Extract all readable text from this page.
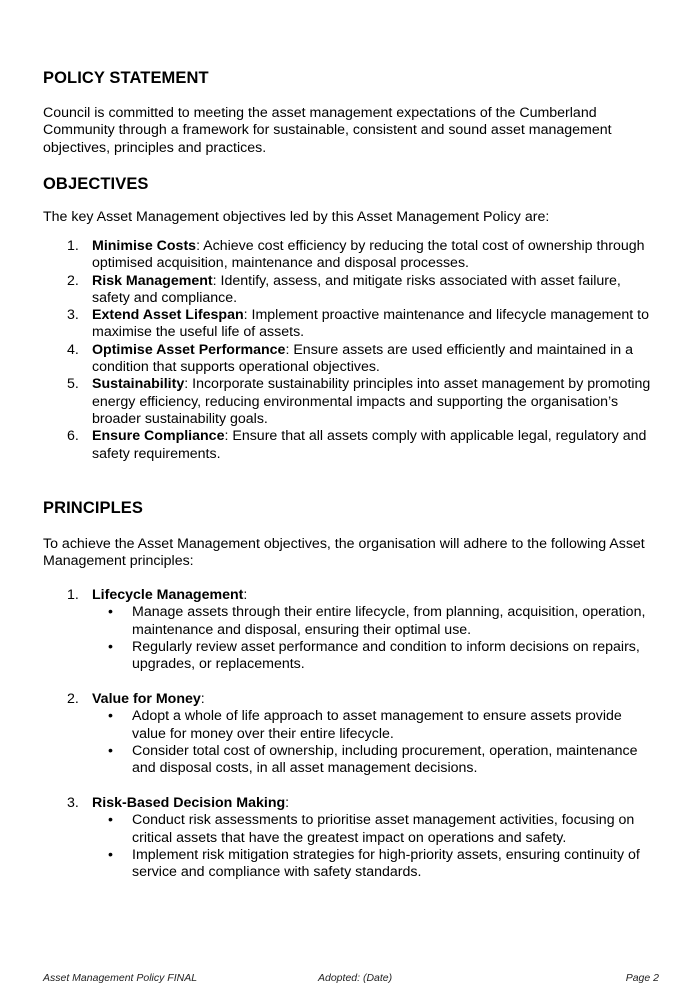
POLICY STATEMENT

Council is committed to meeting the asset management expectations of the Cumberland Community through a framework for sustainable, consistent and sound asset management objectives, principles and practices.

OBJECTIVES

The key Asset Management objectives led by this Asset Management Policy are:

1. Minimise Costs: Achieve cost efficiency by reducing the total cost of ownership through optimised acquisition, maintenance and disposal processes.
2. Risk Management: Identify, assess, and mitigate risks associated with asset failure, safety and compliance.
3. Extend Asset Lifespan: Implement proactive maintenance and lifecycle management to maximise the useful life of assets.
4. Optimise Asset Performance: Ensure assets are used efficiently and maintained in a condition that supports operational objectives.
5. Sustainability: Incorporate sustainability principles into asset management by promoting energy efficiency, reducing environmental impacts and supporting the organisation’s broader sustainability goals.
6. Ensure Compliance: Ensure that all assets comply with applicable legal, regulatory and safety requirements.
PRINCIPLES

To achieve the Asset Management objectives, the organisation will adhere to the following Asset Management principles:

1. Lifecycle Management:
• Manage assets through their entire lifecycle, from planning, acquisition, operation, maintenance and disposal, ensuring their optimal use.
• Regularly review asset performance and condition to inform decisions on repairs, upgrades, or replacements.
2. Value for Money:
• Adopt a whole of life approach to asset management to ensure assets provide value for money over their entire lifecycle.
• Consider total cost of ownership, including procurement, operation, maintenance and disposal costs, in all asset management decisions.
3. Risk-Based Decision Making:
• Conduct risk assessments to prioritise asset management activities, focusing on critical assets that have the greatest impact on operations and safety.
• Implement risk mitigation strategies for high-priority assets, ensuring continuity of service and compliance with safety standards.
Asset Management Policy FINAL	Adopted: (Date)	Page 2
